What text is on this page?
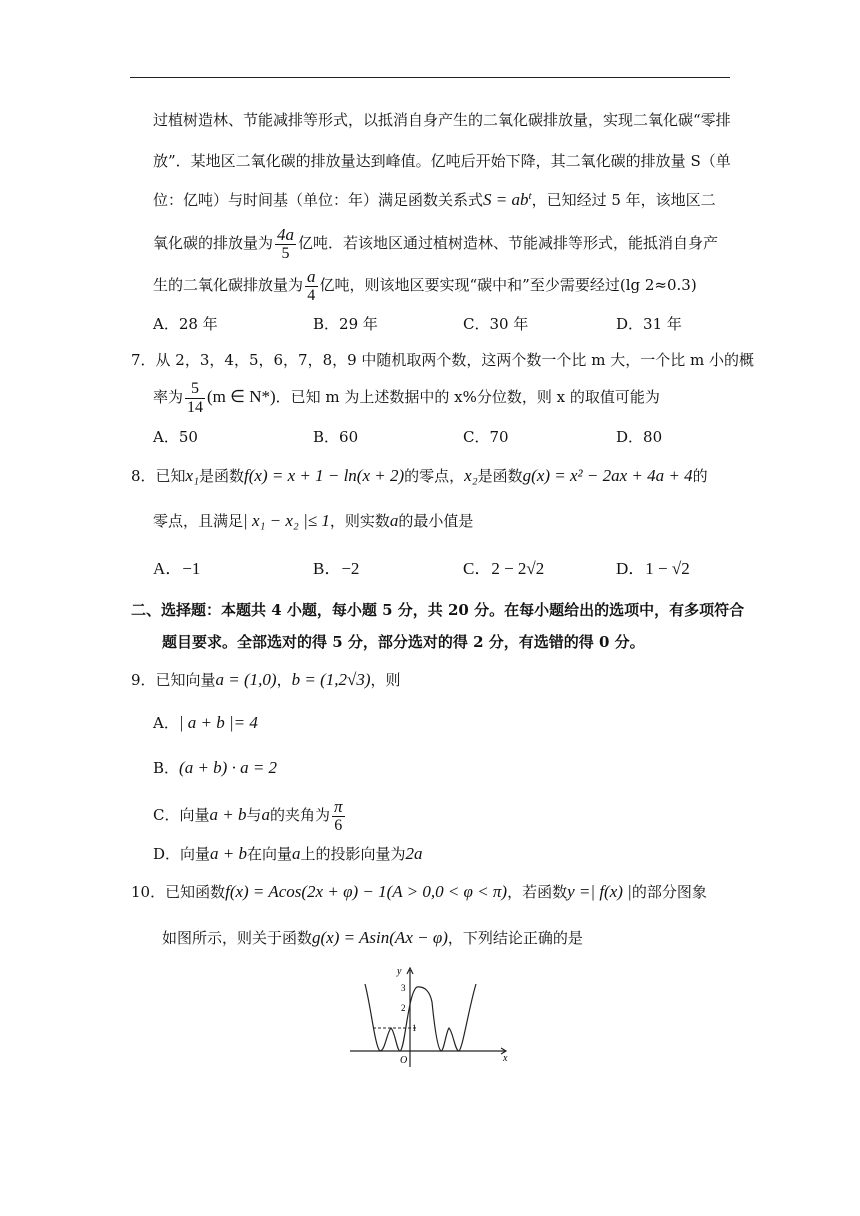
过植树造林、节能减排等形式，以抵消自身产生的二氧化碳排放量，实现二氧化碳“零排
放”．某地区二氧化碳的排放量达到峰值。亿吨后开始下降，其二氧化碳的排放量 S（单
位：亿吨）与时间基（单位：年）满足函数关系式$S = ab^t$，已知经过 5 年，该地区二
氧化碳的排放量为 $\frac{4a}{5}$ 亿吨．若该地区通过植树造林、节能减排等形式，能抵消自身产
生的二氧化碳排放量为 $\frac{a}{4}$ 亿吨，则该地区要实现“碳中和”至少需要经过(lg 2≈0.3)
A．28 年	B．29 年	C．30 年	D．31 年
7．从 2，3，4，5，6，7，8，9 中随机取两个数，这两个数一个比 m 大，一个比 m 小的概
率为 $\frac{5}{14} (m$ ∈ N*)．已知 m 为上述数据中的 x%分位数，则 x 的取值可能为
A．50	B．60	C．70	D．80
8．已知x₁是函数f(x) = x + 1 − ln(x + 2)的零点，x₂是函数g(x) = x² − 2ax + 4a + 4的
零点，且满足| x₁ − x₂ |≤ 1，则实数a的最小值是
A．−1	B．−2	C．2 − 2√2	D．1 − √2
二、选择题：本题共 4 小题，每小题 5 分，共 20 分。在每小题给出的选项中，有多项符合
题目要求。全部选对的得 5 分，部分选对的得 2 分，有选错的得 0 分。
9．已知向量a = (1,0)，b = (1,2√3)，则
A．| a + b |= 4
B．(a + b) · a = 2
C．向量a + b与a的夹角为 $\frac{\pi}{6}$
D．向量a + b在向量a上的投影向量为2a
10．已知函数f(x) = Acos(2x + φ) − 1(A > 0,0 < φ < π)，若函数y =| f(x) |的部分图象
如图所示，则关于函数g(x) = Asin(Ax − φ)，下列结论正确的是
y
x
O
3
2
1
